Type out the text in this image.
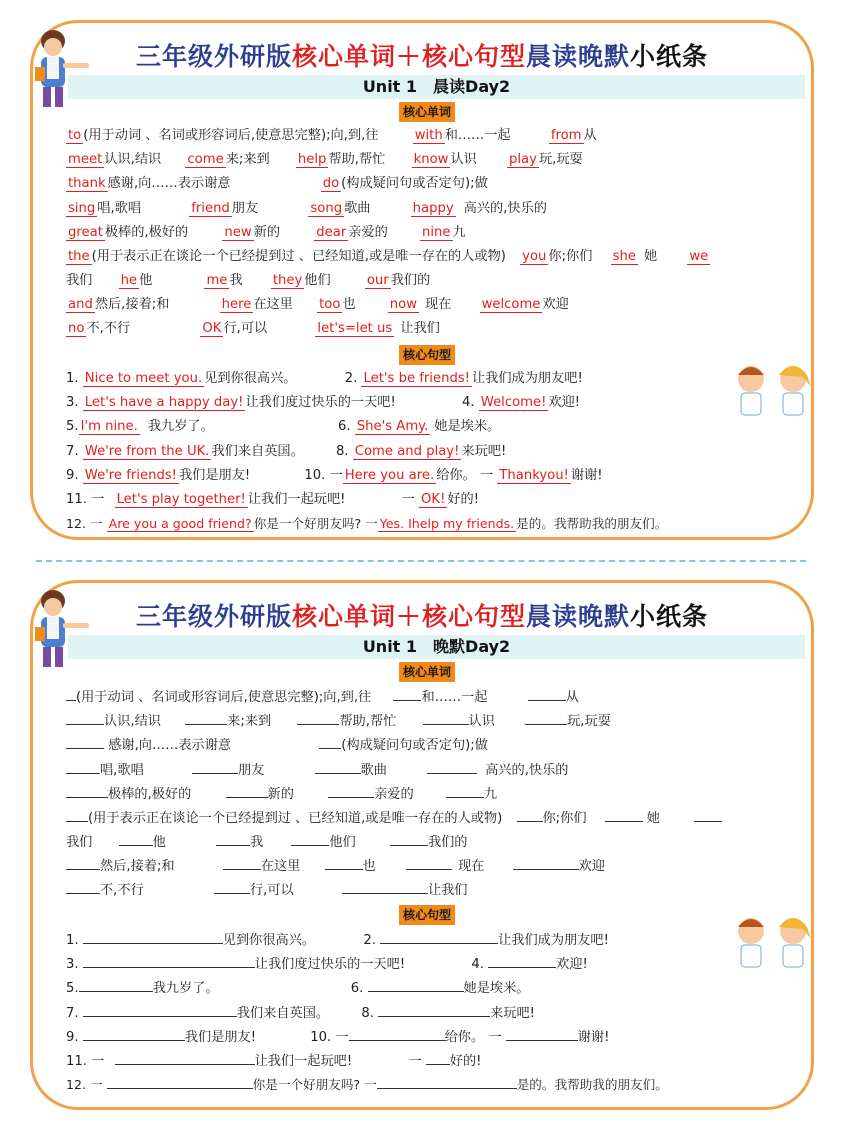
三年级外研版核心单词＋核心句型晨读晚默小纸条
Unit 1　晨读Day2
核心单词
to (用于动词 、名词或形容词后,使意思完整);向,到,往	with 和……一起	from 从
meet 认识,结识 come 来;来到 help 帮助,帮忙 know 认识 play 玩,玩耍
thank 感谢,向……表示谢意	do (构成疑问句或否定句);做
sing 唱,歌唱	friend 朋友	song 歌曲	happy 高兴的,快乐的
great 极棒的,极好的	new 新的	dear 亲爱的	nine 九
the (用于表示正在谈论一个已经提到过 、已经知道,或是唯一存在的人或物) you 你;你们 she 她 we
我们 he 他	me 我 they 他们	our 我们的
and 然后,接着;和	here 在这里 too 也	now 现在 welcome 欢迎
no 不,不行	OK 行,可以	let's=let us 让我们
核心句型
1. Nice to meet you. 见到你很高兴。	2. Let's be friends! 让我们成为朋友吧!
3. Let's have a happy day! 让我们度过快乐的一天吧!	4. Welcome! 欢迎!
5. I'm nine. 我九岁了。	6. She's Amy. 她是埃米。
7. We're from the UK. 我们来自英国。 8. Come and play! 来玩吧!
9. We're friends! 我们是朋友!	10. 一 Here you are. 给你。 一 Thankyou! 谢谢!
11. 一 Let's play together! 让我们一起玩吧!	一 OK! 好的!
12. 一 Are you a good friend? 你是一个好朋友吗? 一 Yes. Ihelp my friends. 是的。我帮助我的朋友们。
三年级外研版核心单词＋核心句型晨读晚默小纸条
Unit 1　晚默Day2
核心单词
(用于动词 、名词或形容词后,使意思完整);向,到,往	和……一起	从
认识,结识	来;来到	帮助,帮忙	认识	玩,玩耍
感谢,向……表示谢意	(构成疑问句或否定句);做
唱,歌唱	朋友	歌曲	高兴的,快乐的
极棒的,极好的	新的	亲爱的	九
(用于表示正在谈论一个已经提到过 、已经知道,或是唯一存在的人或物)	你;你们	她
我们	他	我	他们	我们的
然后,接着;和	在这里	也	现在	欢迎
不,不行	行,可以	让我们
核心句型
1.	见到你很高兴。	2.	让我们成为朋友吧!
3.	让我们度过快乐的一天吧!	4.	欢迎!
5.	我九岁了。	6.	她是埃米。
7.	我们来自英国。 8.	来玩吧!
9.	我们是朋友!	10. 一	给你。 一	谢谢!
11. 一	让我们一起玩吧!	一 好的!
12. 一	你是一个好朋友吗? 一	是的。我帮助我的朋友们。
